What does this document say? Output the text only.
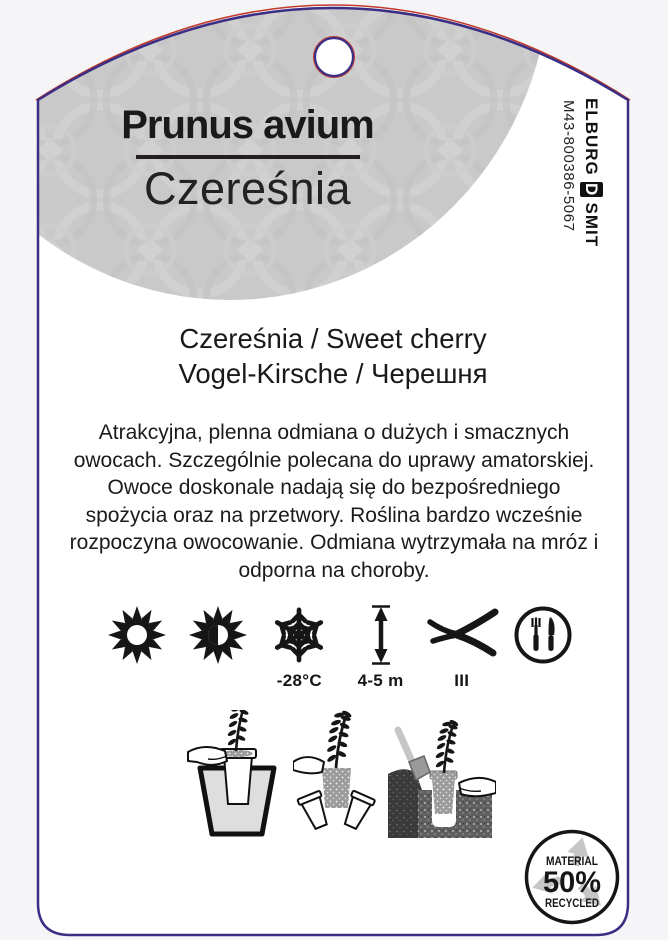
Prunus avium
Czereśnia
ELBURG D SMIT
M43-800386-5067
Czereśnia / Sweet cherry
Vogel-Kirsche / Черешня
Atrakcyjna, plenna odmiana o dużych i smacznych
owocach. Szczególnie polecana do uprawy amatorskiej.
Owoce doskonale nadają się do bezpośredniego
spożycia oraz na przetwory. Roślina bardzo wcześnie
rozpoczyna owocowanie. Odmiana wytrzymała na mróz i
odporna na choroby.
-28°C 4-5 m	III
MATERIAL
50%
RECYCLED
